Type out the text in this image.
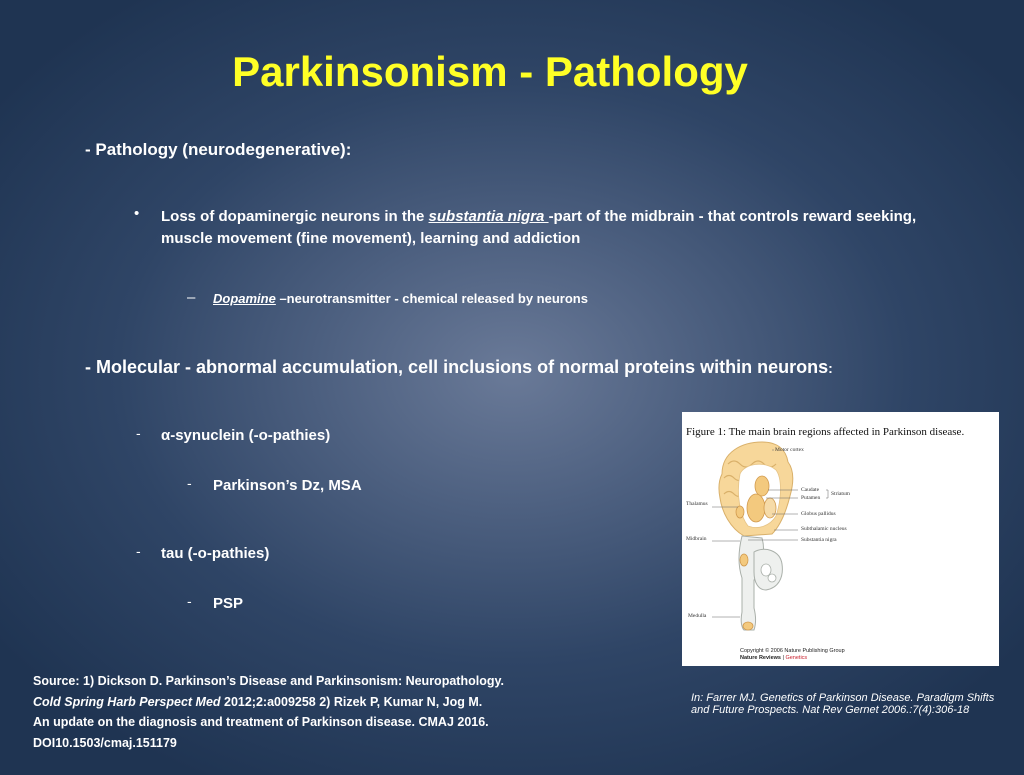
Parkinsonism - Pathology
- Pathology (neurodegenerative):
• Loss of dopaminergic neurons in the substantia nigra -part of the midbrain - that controls reward seeking, muscle movement (fine movement), learning and addiction
– Dopamine –neurotransmitter - chemical released by neurons
- Molecular - abnormal accumulation, cell inclusions of normal proteins within neurons:
- α-synuclein (-o-pathies)
- Parkinson’s Dz, MSA
- tau (-o-pathies)
- PSP
Source: 1) Dickson D. Parkinson’s Disease and Parkinsonism: Neuropathology.
Cold Spring Harb Perspect Med 2012;2:a009258 2) Rizek P, Kumar N, Jog M.
An update on the diagnosis and treatment of Parkinson disease. CMAJ 2016.
DOI10.1503/cmaj.151179
In: Farrer MJ. Genetics of Parkinson Disease. Paradigm Shifts and Future Prospects. Nat Rev Gernet 2006.:7(4):306-18
Figure 1: The main brain regions affected in Parkinson disease.
Motor cortex
Caudate
Putamen
Striatum
Globus pallidus
Thalamus
Subthalamic nucleus
Substantia nigra
Midbrain
Medulla
Copyright © 2006 Nature Publishing Group
Nature Reviews | Genetics
